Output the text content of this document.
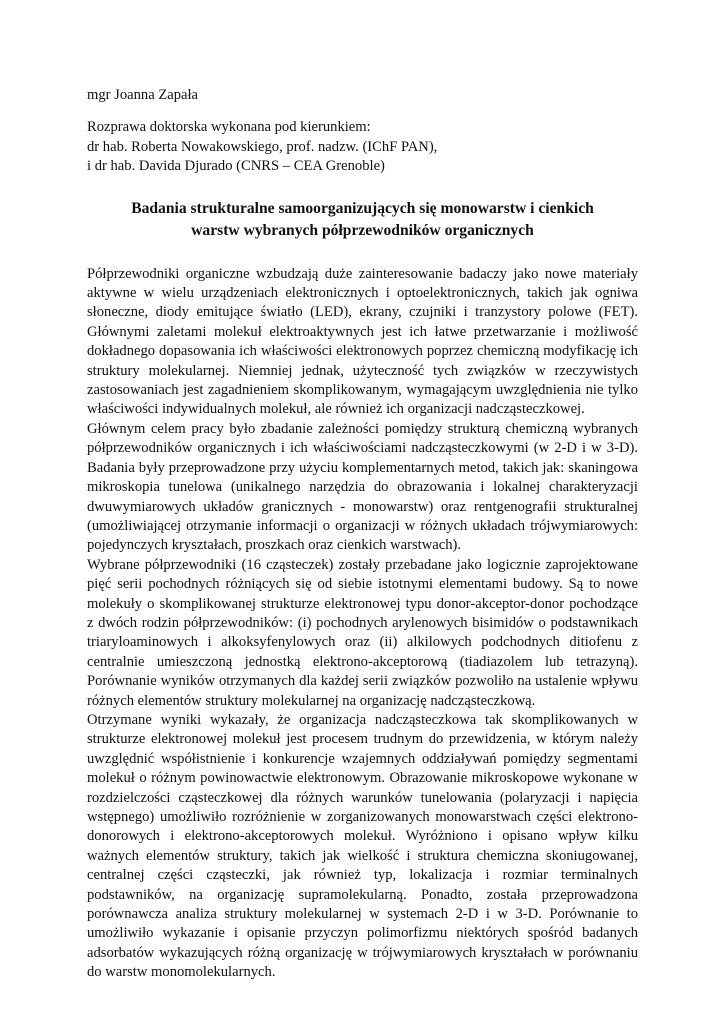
mgr Joanna Zapała
Rozprawa doktorska wykonana pod kierunkiem:
dr hab. Roberta Nowakowskiego, prof. nadzw. (IChF PAN),
i dr hab. Davida Djurado (CNRS – CEA Grenoble)
Badania strukturalne samoorganizujących się monowarstw i cienkich
warstw wybranych półprzewodników organicznych

Półprzewodniki organiczne wzbudzają duże zainteresowanie badaczy jako nowe materiały aktywne w wielu urządzeniach elektronicznych i optoelektronicznych, takich jak ogniwa słoneczne, diody emitujące światło (LED), ekrany, czujniki i tranzystory polowe (FET). Głównymi zaletami molekuł elektroaktywnych jest ich łatwe przetwarzanie i możliwość dokładnego dopasowania ich właściwości elektronowych poprzez chemiczną modyfikację ich struktury molekularnej. Niemniej jednak, użyteczność tych związków w rzeczywistych zastosowaniach jest zagadnieniem skomplikowanym, wymagającym uwzględnienia nie tylko właściwości indywidualnych molekuł, ale również ich organizacji nadcząsteczkowej.

Głównym celem pracy było zbadanie zależności pomiędzy strukturą chemiczną wybranych półprzewodników organicznych i ich właściwościami nadcząsteczkowymi (w 2-D i w 3-D). Badania były przeprowadzone przy użyciu komplementarnych metod, takich jak: skaningowa mikroskopia tunelowa (unikalnego narzędzia do obrazowania i lokalnej charakteryzacji dwuwymiarowych układów granicznych - monowarstw) oraz rentgenografii strukturalnej (umożliwiającej otrzymanie informacji o organizacji w różnych układach trójwymiarowych: pojedynczych kryształach, proszkach oraz cienkich warstwach).

Wybrane półprzewodniki (16 cząsteczek) zostały przebadane jako logicznie zaprojektowane pięć serii pochodnych różniących się od siebie istotnymi elementami budowy. Są to nowe molekuły o skomplikowanej strukturze elektronowej typu donor-akceptor-donor pochodzące z dwóch rodzin półprzewodników: (i) pochodnych arylenowych bisimidów o podstawnikach triaryloaminowych i alkoksyfenylowych oraz (ii) alkilowych podchodnych ditiofenu z centralnie umieszczoną jednostką elektrono-akceptorową (tiadiazolem lub tetrazyną). Porównanie wyników otrzymanych dla każdej serii związków pozwoliło na ustalenie wpływu różnych elementów struktury molekularnej na organizację nadcząsteczkową.

Otrzymane wyniki wykazały, że organizacja nadcząsteczkowa tak skomplikowanych w strukturze elektronowej molekuł jest procesem trudnym do przewidzenia, w którym należy uwzględnić współistnienie i konkurencje wzajemnych oddziaływań pomiędzy segmentami molekuł o różnym powinowactwie elektronowym. Obrazowanie mikroskopowe wykonane w rozdzielczości cząsteczkowej dla różnych warunków tunelowania (polaryzacji i napięcia wstępnego) umożliwiło rozróżnienie w zorganizowanych monowarstwach części elektrono-donorowych i elektrono-akceptorowych molekuł. Wyróżniono i opisano wpływ kilku ważnych elementów struktury, takich jak wielkość i struktura chemiczna skoniugowanej, centralnej części cząsteczki, jak również typ, lokalizacja i rozmiar terminalnych podstawników, na organizację supramolekularną. Ponadto, została przeprowadzona porównawcza analiza struktury molekularnej w systemach 2-D i w 3-D. Porównanie to umożliwiło wykazanie i opisanie przyczyn polimorfizmu niektórych spośród badanych adsorbatów wykazujących różną organizację w trójwymiarowych kryształach w porównaniu do warstw monomolekularnych.
